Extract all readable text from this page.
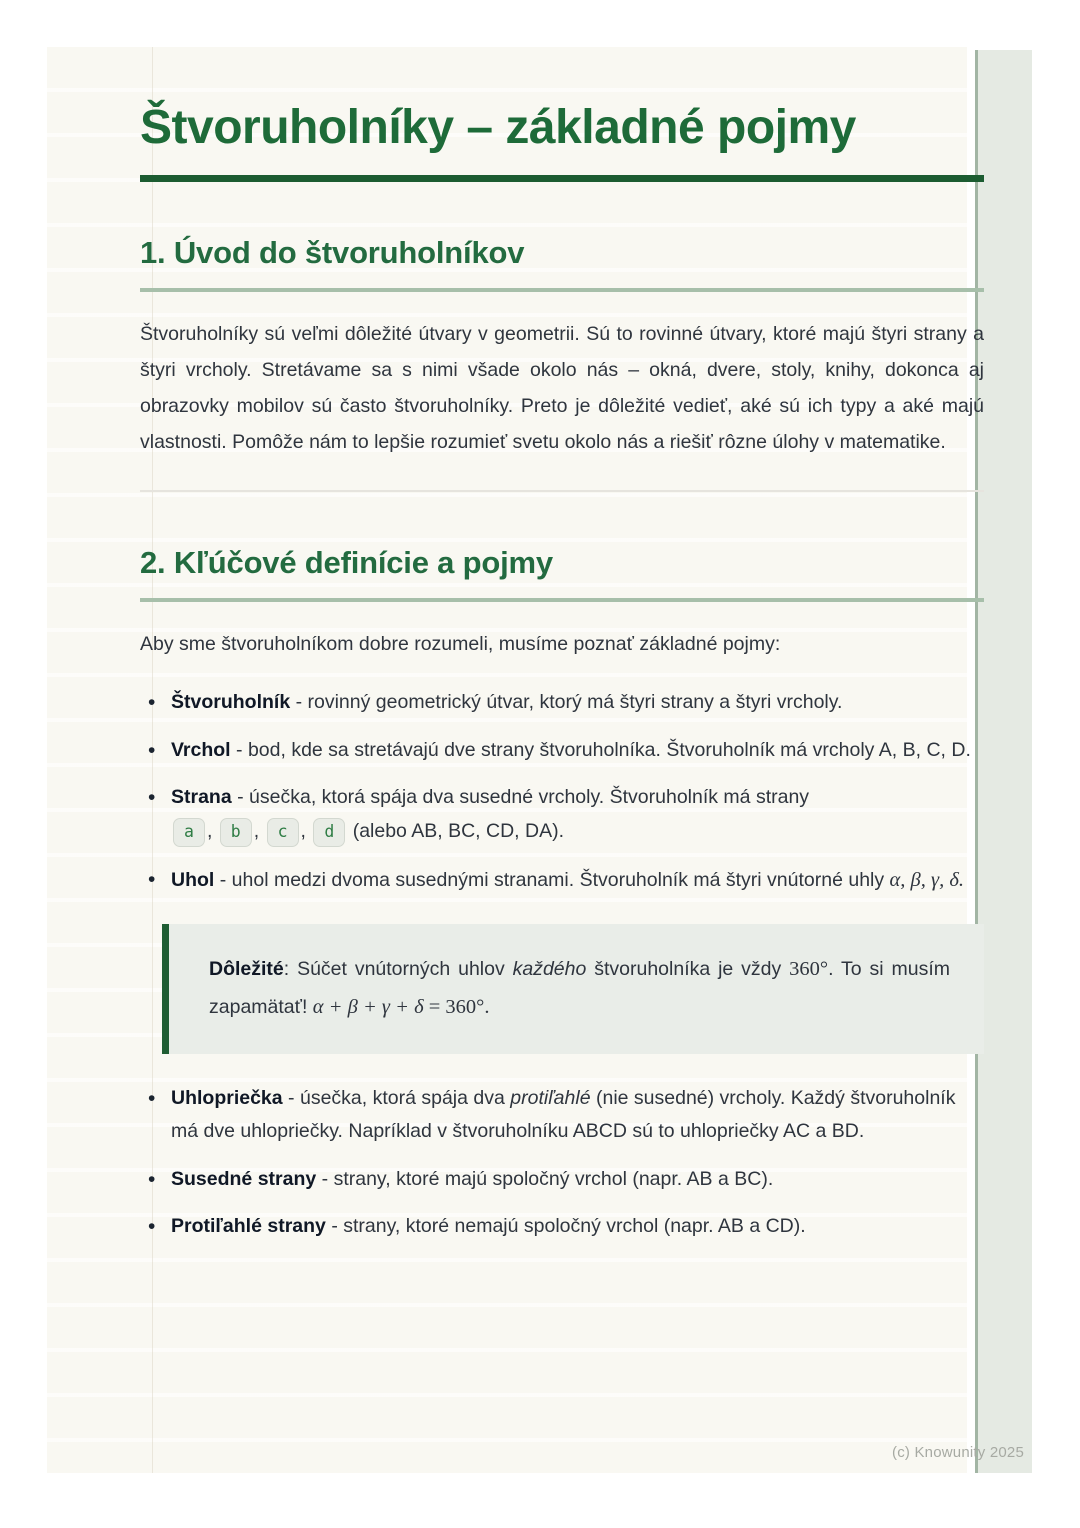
Štvoruholníky – základné pojmy
1. Úvod do štvoruholníkov

Štvoruholníky sú veľmi dôležité útvary v geometrii. Sú to rovinné útvary, ktoré majú štyri strany a štyri vrcholy. Stretávame sa s nimi všade okolo nás – okná, dvere, stoly, knihy, dokonca aj obrazovky mobilov sú často štvoruholníky. Preto je dôležité vedieť, aké sú ich typy a aké majú vlastnosti. Pomôže nám to lepšie rozumieť svetu okolo nás a riešiť rôzne úlohy v matematike.

2. Kľúčové definície a pojmy

Aby sme štvoruholníkom dobre rozumeli, musíme poznať základné pojmy:

• Štvoruholník - rovinný geometrický útvar, ktorý má štyri strany a štyri vrcholy.
• Vrchol - bod, kde sa stretávajú dve strany štvoruholníka. Štvoruholník má vrcholy A, B, C, D.
• Strana - úsečka, ktorá spája dva susedné vrcholy. Štvoruholník má strany
a , b , c , d (alebo AB, BC, CD, DA).
• Uhol - uhol medzi dvoma susednými stranami. Štvoruholník má štyri vnútorné uhly α, β, γ, δ.
Dôležité: Súčet vnútorných uhlov každého štvoruholníka je vždy 360°. To si musím zapamätať! α + β + γ + δ = 360°.
• Uhlopriečka - úsečka, ktorá spája dva protiľahlé (nie susedné) vrcholy. Každý štvoruholník má dve uhlopriečky. Napríklad v štvoruholníku ABCD sú to uhlopriečky AC a BD.
• Susedné strany - strany, ktoré majú spoločný vrchol (napr. AB a BC).
• Protiľahlé strany - strany, ktoré nemajú spoločný vrchol (napr. AB a CD).
(c) Knowunity 2025
